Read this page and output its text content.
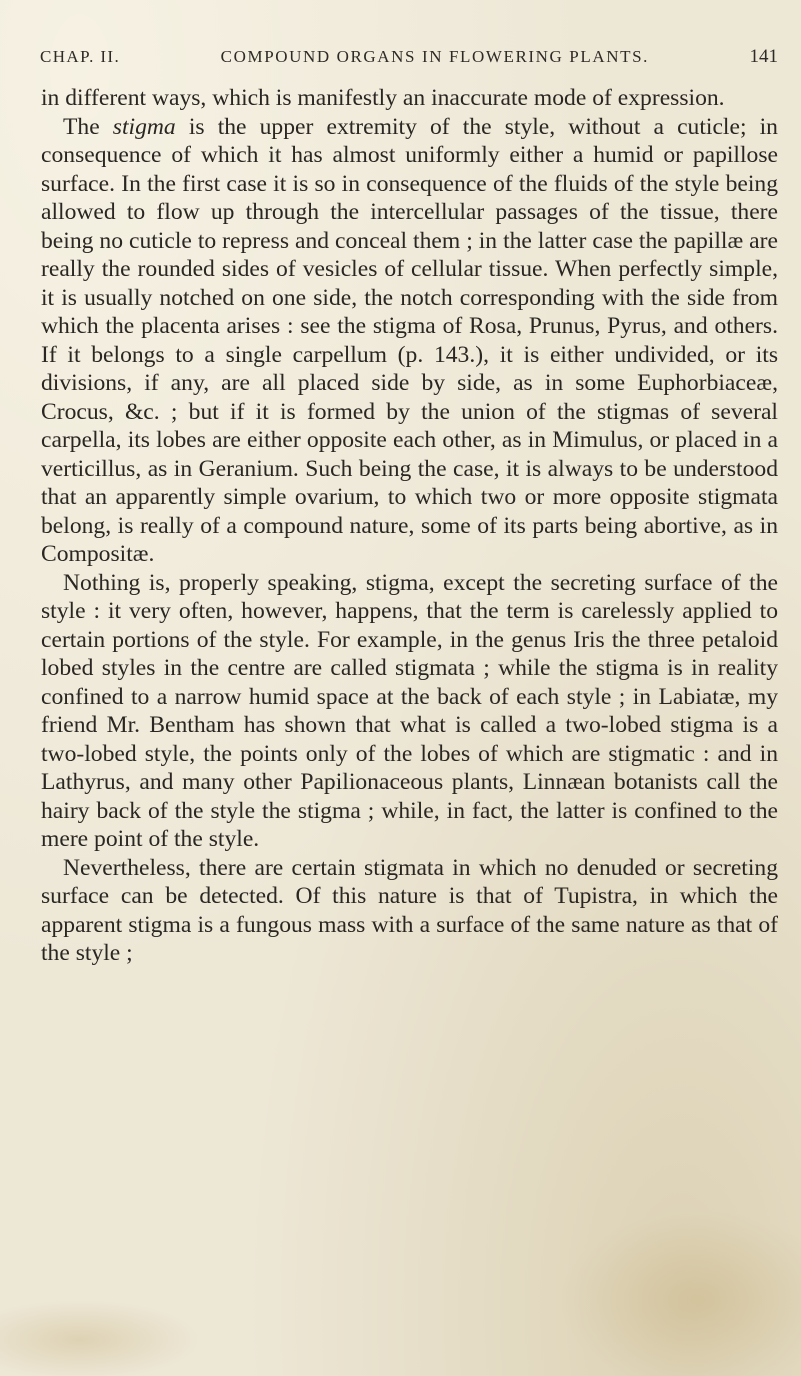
CHAP. II.	COMPOUND ORGANS IN FLOWERING PLANTS.	141

in different ways, which is manifestly an inaccurate mode of expression.

The stigma is the upper extremity of the style, without a cuticle; in consequence of which it has almost uniformly either a humid or papillose surface. In the first case it is so in consequence of the fluids of the style being allowed to flow up through the intercellular passages of the tissue, there being no cuticle to repress and conceal them ; in the latter case the papillæ are really the rounded sides of vesicles of cellular tissue. When perfectly simple, it is usually notched on one side, the notch corresponding with the side from which the placenta arises : see the stigma of Rosa, Prunus, Pyrus, and others. If it belongs to a single carpellum (p. 143.), it is either undivided, or its divisions, if any, are all placed side by side, as in some Euphorbiaceæ, Crocus, &c. ; but if it is formed by the union of the stigmas of several carpella, its lobes are either opposite each other, as in Mimulus, or placed in a verticillus, as in Geranium. Such being the case, it is always to be understood that an apparently simple ovarium, to which two or more opposite stigmata belong, is really of a compound nature, some of its parts being abortive, as in Compositæ.

Nothing is, properly speaking, stigma, except the secreting surface of the style : it very often, however, happens, that the term is carelessly applied to certain portions of the style. For example, in the genus Iris the three petaloid lobed styles in the centre are called stigmata ; while the stigma is in reality confined to a narrow humid space at the back of each style ; in Labiatæ, my friend Mr. Bentham has shown that what is called a two-lobed stigma is a two-lobed style, the points only of the lobes of which are stigmatic : and in Lathyrus, and many other Papilionaceous plants, Linnæan botanists call the hairy back of the style the stigma ; while, in fact, the latter is confined to the mere point of the style.

Nevertheless, there are certain stigmata in which no denuded or secreting surface can be detected. Of this nature is that of Tupistra, in which the apparent stigma is a fungous mass with a surface of the same nature as that of the style ;
